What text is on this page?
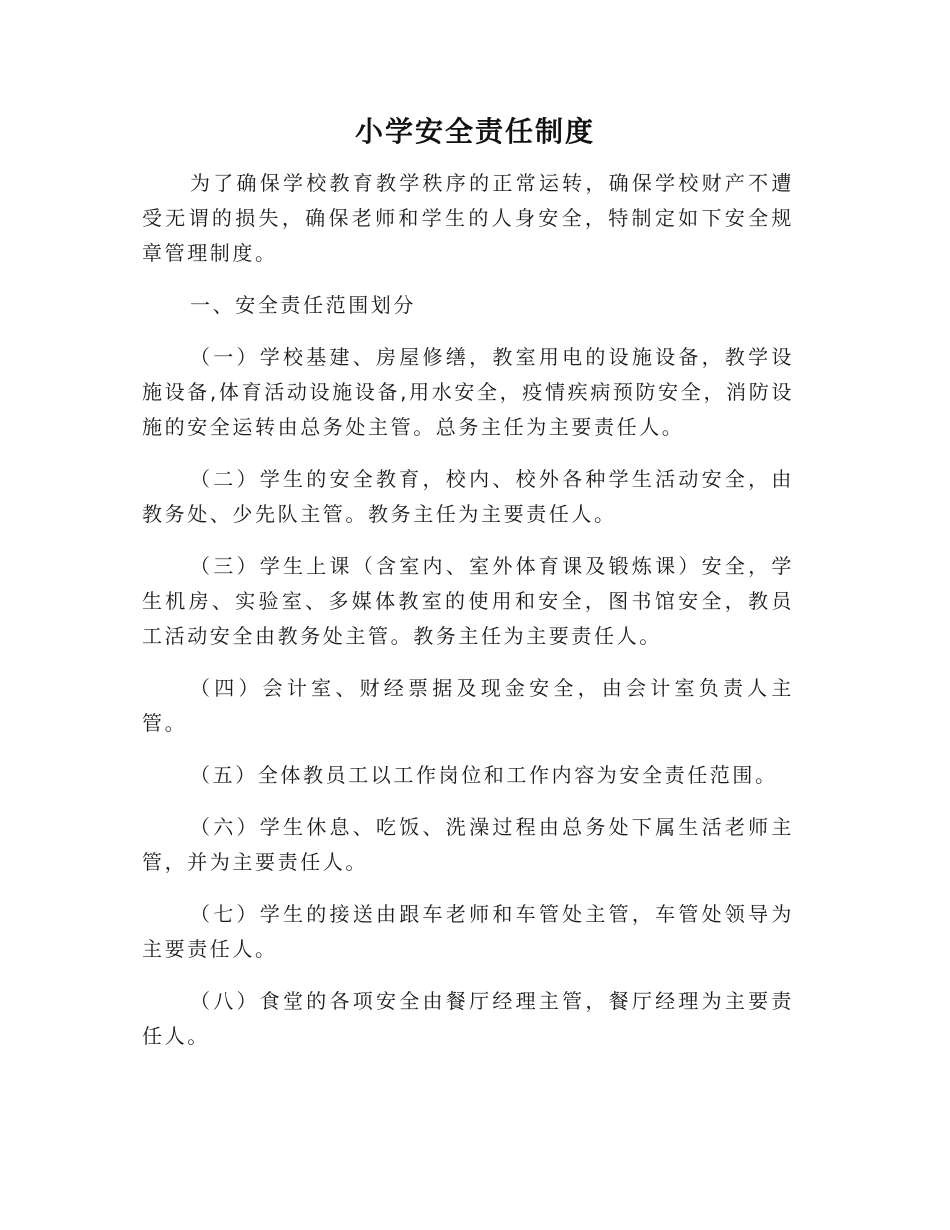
小学安全责任制度

为了确保学校教育教学秩序的正常运转，确保学校财产不遭受无谓的损失，确保老师和学生的人身安全，特制定如下安全规章管理制度。

一、安全责任范围划分

（一）学校基建、房屋修缮，教室用电的设施设备，教学设施设备,体育活动设施设备,用水安全，疫情疾病预防安全，消防设施的安全运转由总务处主管。总务主任为主要责任人。

（二）学生的安全教育，校内、校外各种学生活动安全，由教务处、少先队主管。教务主任为主要责任人。

（三）学生上课（含室内、室外体育课及锻炼课）安全，学生机房、实验室、多媒体教室的使用和安全，图书馆安全，教员工活动安全由教务处主管。教务主任为主要责任人。

（四）会计室、财经票据及现金安全，由会计室负责人主管。

（五）全体教员工以工作岗位和工作内容为安全责任范围。

（六）学生休息、吃饭、洗澡过程由总务处下属生活老师主管，并为主要责任人。

（七）学生的接送由跟车老师和车管处主管，车管处领导为主要责任人。

（八）食堂的各项安全由餐厅经理主管，餐厅经理为主要责任人。
